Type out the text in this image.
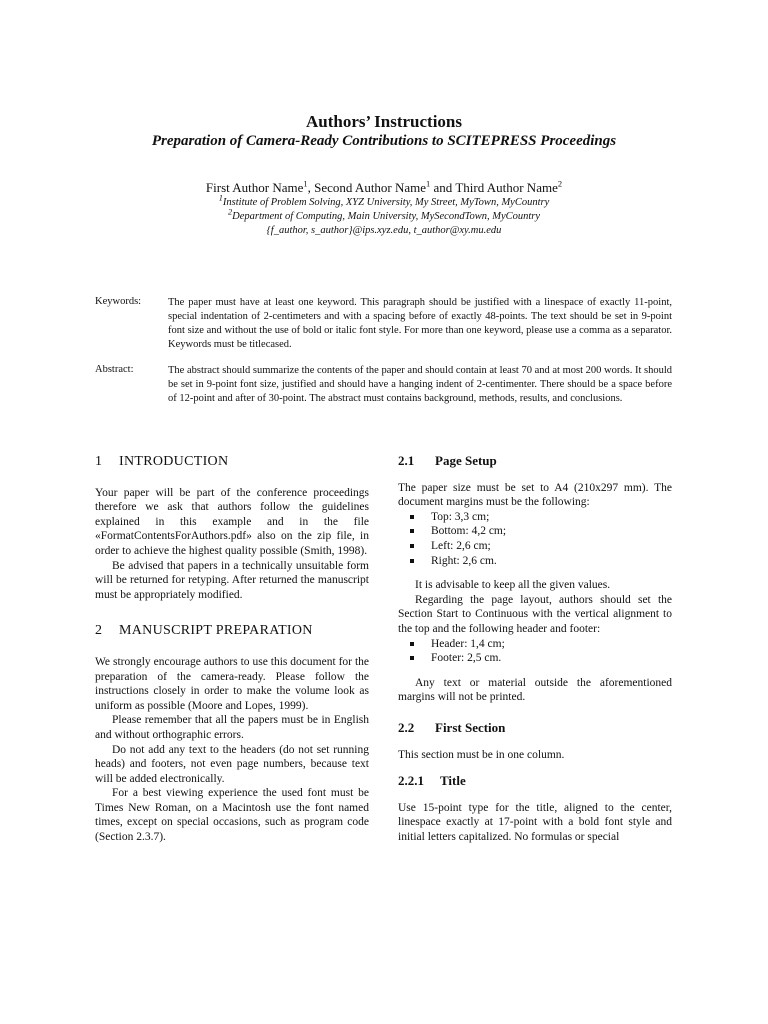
Authors’ Instructions
Preparation of Camera-Ready Contributions to SCITEPRESS Proceedings
First Author Name$^1$, Second Author Name$^1$ and Third Author Name$^2$
$^1$Institute of Problem Solving, XYZ University, My Street, MyTown, MyCountry
$^2$Department of Computing, Main University, MySecondTown, MyCountry
{f_author, s_author}@ips.xyz.edu, t_author@xy.mu.edu
Keywords:	The paper must have at least one keyword. This paragraph should be justified with a linespace of exactly 11-point, special indentation of 2-centimeters and with a spacing before of exactly 48-points. The text should be set in 9-point font size and without the use of bold or italic font style. For more than one keyword, please use a comma as a separator. Keywords must be titlecased.
Abstract:	The abstract should summarize the contents of the paper and should contain at least 70 and at most 200 words. It should be set in 9-point font size, justified and should have a hanging indent of 2-centimenter. There should be a space before of 12-point and after of 30-point. The abstract must contains background, methods, results, and conclusions.
1 INTRODUCTION

Your paper will be part of the conference proceedings therefore we ask that authors follow the guidelines explained in this example and in the file «FormatContentsForAuthors.pdf» also on the zip file, in order to achieve the highest quality possible (Smith, 1998).

Be advised that papers in a technically unsuitable form will be returned for retyping. After returned the manuscript must be appropriately modified.

2 MANUSCRIPT PREPARATION

We strongly encourage authors to use this document for the preparation of the camera-ready. Please follow the instructions closely in order to make the volume look as uniform as possible (Moore and Lopes, 1999).

Please remember that all the papers must be in English and without orthographic errors.

Do not add any text to the headers (do not set running heads) and footers, not even page numbers, because text will be added electronically.

For a best viewing experience the used font must be Times New Roman, on a Macintosh use the font named times, except on special occasions, such as program code (Section 2.3.7).

2.1 Page Setup

The paper size must be set to A4 (210x297 mm). The document margins must be the following:

Top: 3,3 cm;
Bottom: 4,2 cm;
Left: 2,6 cm;
Right: 2,6 cm.

It is advisable to keep all the given values.

Regarding the page layout, authors should set the Section Start to Continuous with the vertical alignment to the top and the following header and footer:

Header: 1,4 cm;
Footer: 2,5 cm.

Any text or material outside the aforementioned margins will not be printed.

2.2 First Section

This section must be in one column.

2.2.1 Title

Use 15-point type for the title, aligned to the center, linespace exactly at 17-point with a bold font style and initial letters capitalized. No formulas or special
